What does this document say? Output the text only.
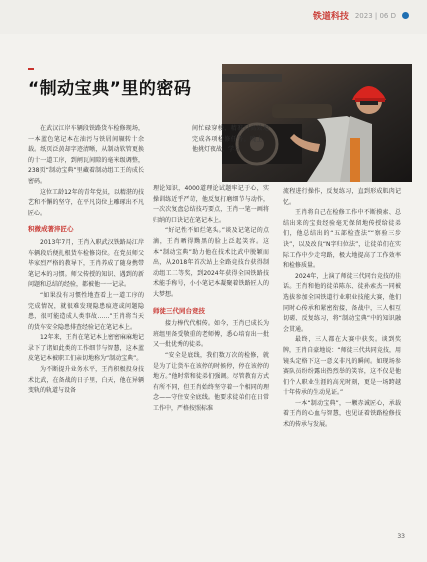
铁道科技 2023 | 06 D
“制动宝典”里的密码

在武汉江岸车辆段铁路货车检修现场，一本蓝色笔记本在油污与铁屑间辗转十余载。纸页泛黄却字迹清晰，从制动软管更换的十一道工序，到闸瓦间隙的毫米级调整，238页“制动宝典”里藏着制动组工王的成长密码。

这位工龄12年的青年党员，以精湛的技艺和不懈的坚守，在平凡岗位上雕琢出不凡匠心。

积微成著淬匠心

2013年7月，王肖入职武汉铁路局江岸车辆段后便扎根货车检修岗位。在党员师父毕家烈严格的教导下，王肖养成了随身携带笔记本的习惯。师父传授的知识、遇到的新问题和总结的经验，都被他一一记录。

“如果没有习惯性地查看上一道工序的完成情况，就很难发现隐患痕迹或问题隐患，很可能造成人类事故……”王肖将当天的货车安全隐患排查经验记在笔记本上。

12年来，王肖在笔记本上密密麻麻地记录下了诸如此类的工作细节与智慧，这本蓝皮笔记本被职工们亲切地称为“制动宝典”。

为不断提升业务水平，王肖积极投身技术比武，在备战的日子里，白天，他在异辆变轨的轨道与设备

间忙碌穿梭，精准目高效地完成各项检修任务。晚上，他挑灯夜战，学习

理论知识，4000道理论试题牢记于心，实操训练近乎严苛，他反复打磨细节与动作，一次次复盘总结技巧要点，王肖一笔一画将归纳的口诀记在笔记本上。

“好记性不如烂笔头。”谈及记笔记的点滴，王肖晒得黝黑的脸上泛起笑容。这本“制动宝典”助力他在技术比武中脱颖而出，从2018年首次站上全路竞技台获得制动组工二等奖，到2024年获得全国铁路技术能手称号，小小笔记本凝聚着铁路匠人的大梦想。

师徒三代同台竞技

接力棒代代相传。如今，王肖已成长为班组里备受敬重的老师傅，悉心培育出一批又一批优秀的徒弟。

“安全是底线，我们数万次的检修，就是为了让货车在该停的时候停，停在该停的地方。”他时常和徒弟们强调。尽管教育方式有所不同，但王肖始终坚守着一个相同的理念——守住安全底线。他要求徒弟们在日常工作中，严格按照标准

流程进行操作，反复练习，直到形成肌肉记忆。

王肖将自己在检修工作中不断摸索、总结出来的宝贵经验毫无保留地传授给徒弟们，他总结出的“五部检查法”“察验三步诀”，以及改良“N字归位法”，让徒弟们在实际工作中少走弯路，极大地提高了工作效率和检修质量。

2024年，上演了师徒三代同台竞技的佳话。王肖和他的徒弟陈东、徒孙索杰一同被选拔参加全国铁道行业职业技能大赛，他们同时心传承和紧密衔接，备战中，三人相互切磋、反复练习，将“制动宝典”中的知识融会贯通。

最终，三人都在大赛中获奖。谈到奖牌，王肖自豪地说：“师徒三代共同竞技，用镜头定格下这一意义非凡的瞬间。如现场参赛队员纷纷露出热烈举的笑容，这不仅是他们个人职业生涯的高光时刻，更是一场跨越十年传承的生动见证。”

一本“制动宝典”，一颗赤诚匠心，承载着王肖的心血与智慧，也见证着铁路检修技术的传承与发展。

33
